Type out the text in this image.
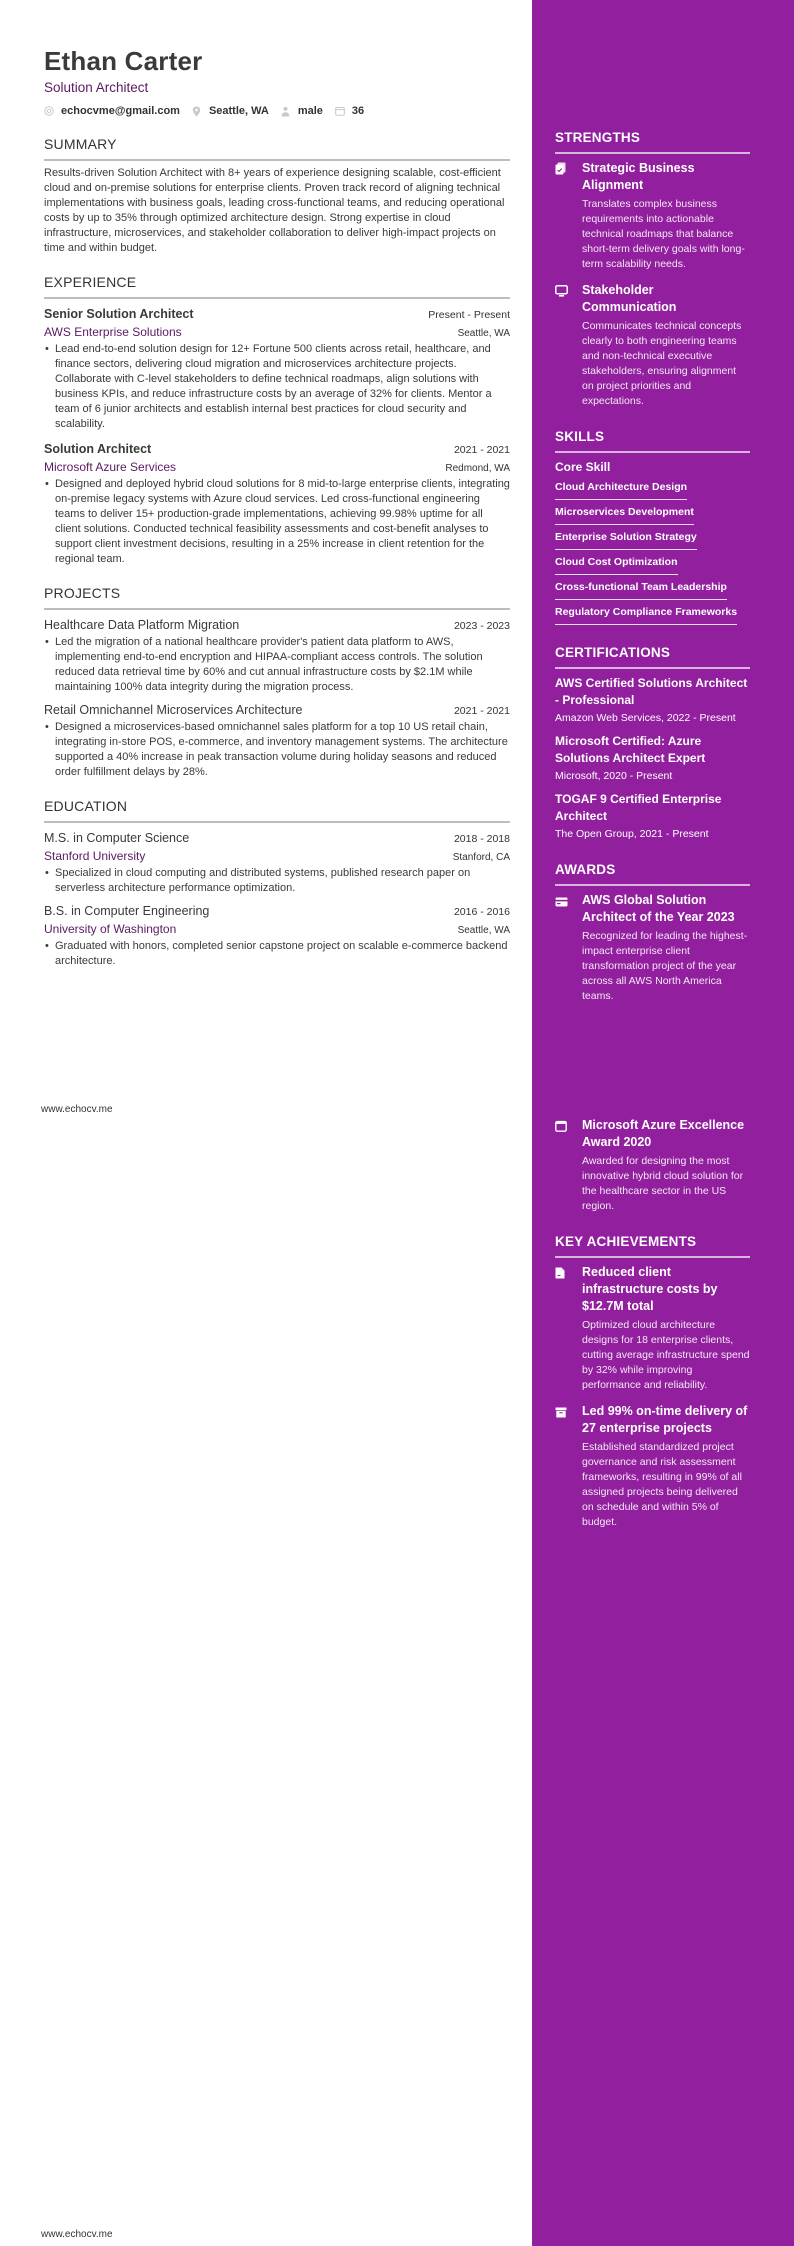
Ethan Carter
Solution Architect
echocvme@gmail.com	Seattle, WA	male	36
SUMMARY
Results-driven Solution Architect with 8+ years of experience designing scalable, cost-efficient cloud and on-premise solutions for enterprise clients. Proven track record of aligning technical implementations with business goals, leading cross-functional teams, and reducing operational costs by up to 35% through optimized architecture design. Strong expertise in cloud infrastructure, microservices, and stakeholder collaboration to deliver high-impact projects on time and within budget.
EXPERIENCE
Senior Solution Architect	Present - Present
AWS Enterprise Solutions	Seattle, WA
• Lead end-to-end solution design for 12+ Fortune 500 clients across retail, healthcare, and finance sectors, delivering cloud migration and microservices architecture projects. Collaborate with C-level stakeholders to define technical roadmaps, align solutions with business KPIs, and reduce infrastructure costs by an average of 32% for clients. Mentor a team of 6 junior architects and establish internal best practices for cloud security and scalability.
Solution Architect	2021 - 2021
Microsoft Azure Services	Redmond, WA
• Designed and deployed hybrid cloud solutions for 8 mid-to-large enterprise clients, integrating on-premise legacy systems with Azure cloud services. Led cross-functional engineering teams to deliver 15+ production-grade implementations, achieving 99.98% uptime for all client solutions. Conducted technical feasibility assessments and cost-benefit analyses to support client investment decisions, resulting in a 25% increase in client retention for the regional team.
PROJECTS
Healthcare Data Platform Migration	2023 - 2023
• Led the migration of a national healthcare provider's patient data platform to AWS, implementing end-to-end encryption and HIPAA-compliant access controls. The solution reduced data retrieval time by 60% and cut annual infrastructure costs by $2.1M while maintaining 100% data integrity during the migration process.
Retail Omnichannel Microservices Architecture	2021 - 2021
• Designed a microservices-based omnichannel sales platform for a top 10 US retail chain, integrating in-store POS, e-commerce, and inventory management systems. The architecture supported a 40% increase in peak transaction volume during holiday seasons and reduced order fulfillment delays by 28%.
EDUCATION
M.S. in Computer Science	2018 - 2018
Stanford University	Stanford, CA
• Specialized in cloud computing and distributed systems, published research paper on serverless architecture performance optimization.
B.S. in Computer Engineering	2016 - 2016
University of Washington	Seattle, WA
• Graduated with honors, completed senior capstone project on scalable e-commerce backend architecture.
www.echocv.me
www.echocv.me
STRENGTHS
Strategic Business Alignment
Translates complex business requirements into actionable technical roadmaps that balance short-term delivery goals with long-term scalability needs.
Stakeholder Communication
Communicates technical concepts clearly to both engineering teams and non-technical executive stakeholders, ensuring alignment on project priorities and expectations.
SKILLS
Core Skill
Cloud Architecture Design
Microservices Development
Enterprise Solution Strategy
Cloud Cost Optimization
Cross-functional Team Leadership
Regulatory Compliance Frameworks
CERTIFICATIONS
AWS Certified Solutions Architect - Professional
Amazon Web Services, 2022 - Present
Microsoft Certified: Azure Solutions Architect Expert
Microsoft, 2020 - Present
TOGAF 9 Certified Enterprise Architect
The Open Group, 2021 - Present
AWARDS
AWS Global Solution Architect of the Year 2023
Recognized for leading the highest-impact enterprise client transformation project of the year across all AWS North America teams.
Microsoft Azure Excellence Award 2020
Awarded for designing the most innovative hybrid cloud solution for the healthcare sector in the US region.
KEY ACHIEVEMENTS
Reduced client infrastructure costs by $12.7M total
Optimized cloud architecture designs for 18 enterprise clients, cutting average infrastructure spend by 32% while improving performance and reliability.
Led 99% on-time delivery of 27 enterprise projects
Established standardized project governance and risk assessment frameworks, resulting in 99% of all assigned projects being delivered on schedule and within 5% of budget.
